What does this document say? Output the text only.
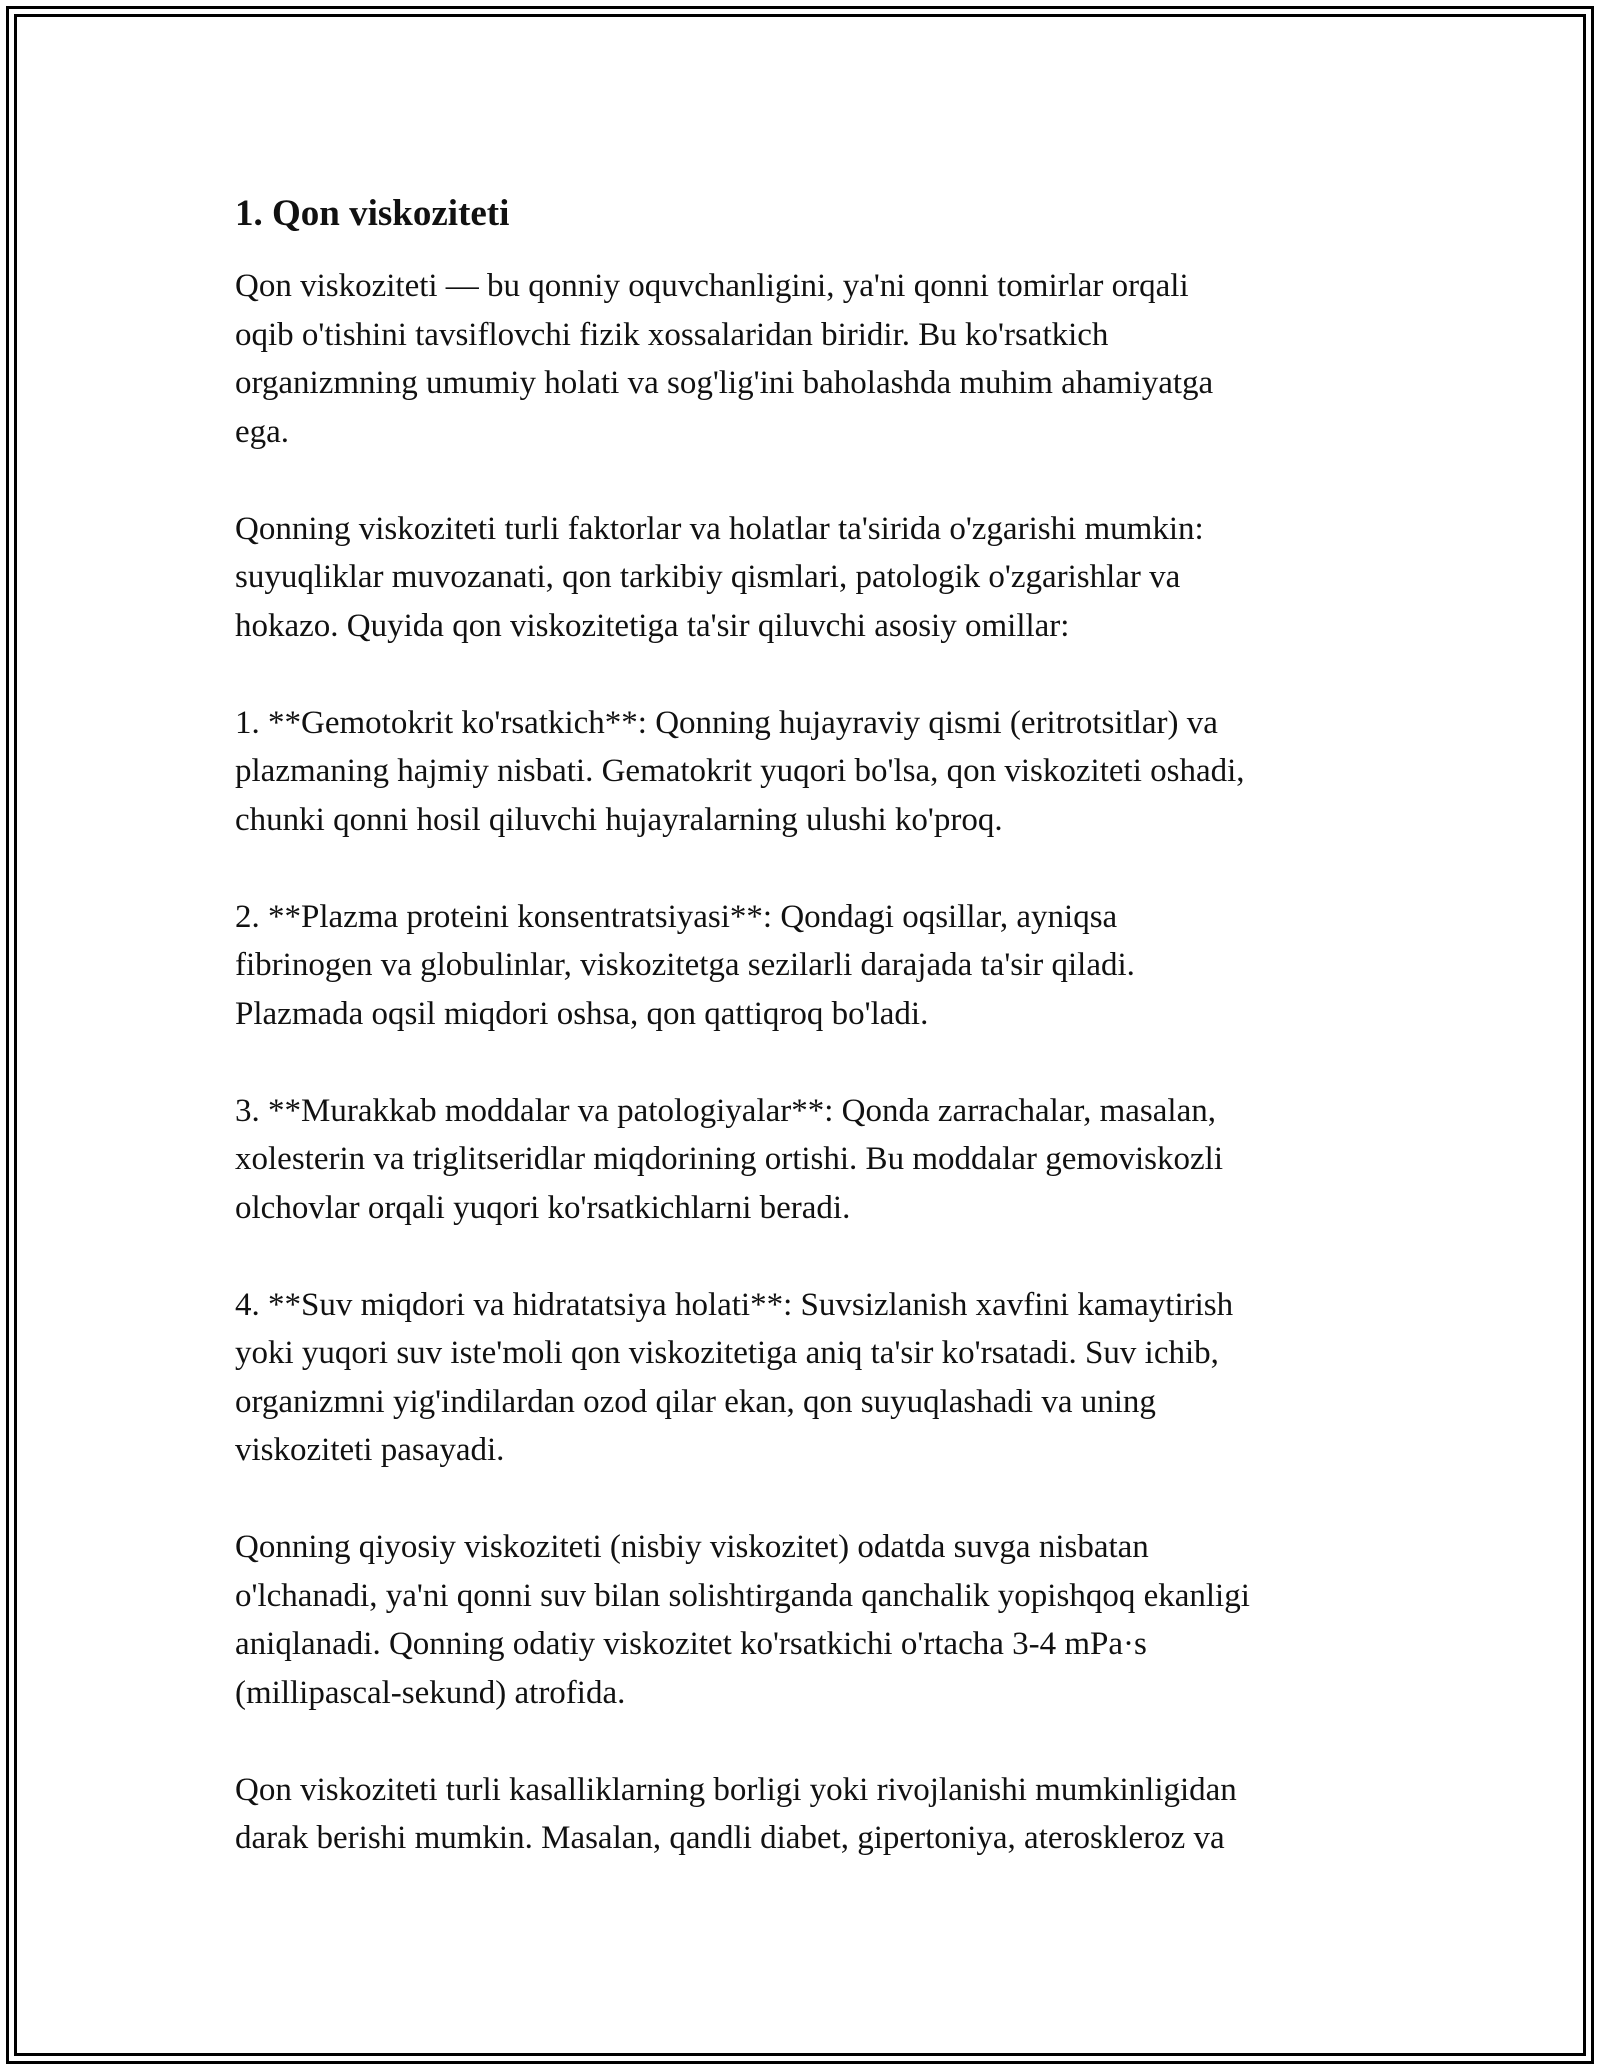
1. Qon viskoziteti

Qon viskoziteti — bu qonniy oquvchanligini, ya'ni qonni tomirlar orqali
oqib o'tishini tavsiflovchi fizik xossalaridan biridir. Bu ko'rsatkich
organizmning umumiy holati va sog'lig'ini baholashda muhim ahamiyatga
ega.

Qonning viskoziteti turli faktorlar va holatlar ta'sirida o'zgarishi mumkin:
suyuqliklar muvozanati, qon tarkibiy qismlari, patologik o'zgarishlar va
hokazo. Quyida qon viskozitetiga ta'sir qiluvchi asosiy omillar:

1. **Gemotokrit ko'rsatkich**: Qonning hujayraviy qismi (eritrotsitlar) va
plazmaning hajmiy nisbati. Gematokrit yuqori bo'lsa, qon viskoziteti oshadi,
chunki qonni hosil qiluvchi hujayralarning ulushi ko'proq.

2. **Plazma proteini konsentratsiyasi**: Qondagi oqsillar, ayniqsa
fibrinogen va globulinlar, viskozitetga sezilarli darajada ta'sir qiladi.
Plazmada oqsil miqdori oshsa, qon qattiqroq bo'ladi.

3. **Murakkab moddalar va patologiyalar**: Qonda zarrachalar, masalan,
xolesterin va triglitseridlar miqdorining ortishi. Bu moddalar gemoviskozli
olchovlar orqali yuqori ko'rsatkichlarni beradi.

4. **Suv miqdori va hidratatsiya holati**: Suvsizlanish xavfini kamaytirish
yoki yuqori suv iste'moli qon viskozitetiga aniq ta'sir ko'rsatadi. Suv ichib,
organizmni yig'indilardan ozod qilar ekan, qon suyuqlashadi va uning
viskoziteti pasayadi.

Qonning qiyosiy viskoziteti (nisbiy viskozitet) odatda suvga nisbatan
o'lchanadi, ya'ni qonni suv bilan solishtirganda qanchalik yopishqoq ekanligi
aniqlanadi. Qonning odatiy viskozitet ko'rsatkichi o'rtacha 3-4 mPa·s
(millipascal-sekund) atrofida.

Qon viskoziteti turli kasalliklarning borligi yoki rivojlanishi mumkinligidan
darak berishi mumkin. Masalan, qandli diabet, gipertoniya, ateroskleroz va
